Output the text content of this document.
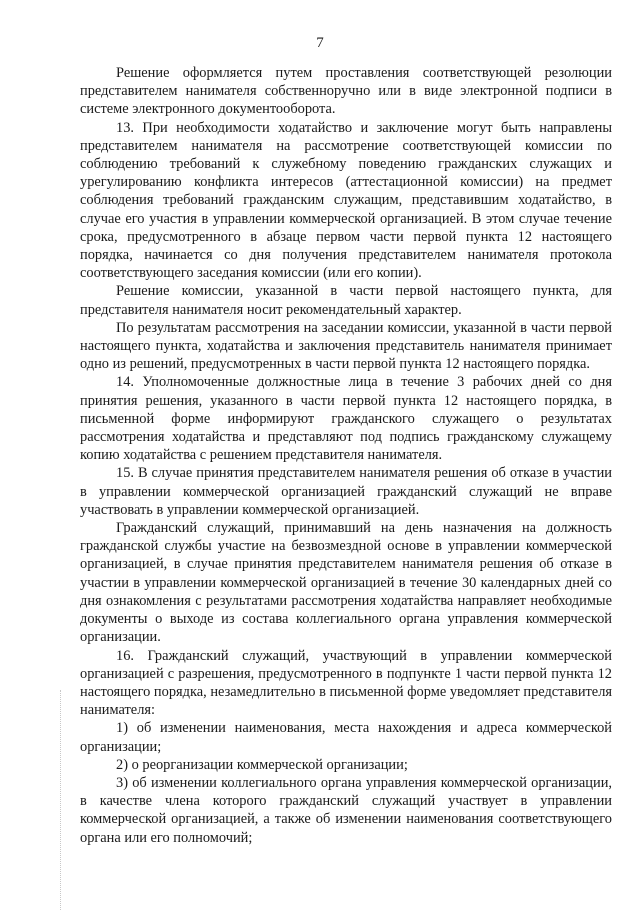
7

Решение оформляется путем проставления соответствующей резолюции представителем нанимателя собственноручно или в виде электронной подписи в системе электронного документооборота.

13. При необходимости ходатайство и заключение могут быть направлены представителем нанимателя на рассмотрение соответствующей комиссии по соблюдению требований к служебному поведению гражданских служащих и урегулированию конфликта интересов (аттестационной комиссии) на предмет соблюдения требований гражданским служащим, представившим ходатайство, в случае его участия в управлении коммерческой организацией. В этом случае течение срока, предусмотренного в абзаце первом части первой пункта 12 настоящего порядка, начинается со дня получения представителем нанимателя протокола соответствующего заседания комиссии (или его копии).

Решение комиссии, указанной в части первой настоящего пункта, для представителя нанимателя носит рекомендательный характер.

По результатам рассмотрения на заседании комиссии, указанной в части первой настоящего пункта, ходатайства и заключения представитель нанимателя принимает одно из решений, предусмотренных в части первой пункта 12 настоящего порядка.

14. Уполномоченные должностные лица в течение 3 рабочих дней со дня принятия решения, указанного в части первой пункта 12 настоящего порядка, в письменной форме информируют гражданского служащего о результатах рассмотрения ходатайства и представляют под подпись гражданскому служащему копию ходатайства с решением представителя нанимателя.

15. В случае принятия представителем нанимателя решения об отказе в участии в управлении коммерческой организацией гражданский служащий не вправе участвовать в управлении коммерческой организацией.

Гражданский служащий, принимавший на день назначения на должность гражданской службы участие на безвозмездной основе в управлении коммерческой организацией, в случае принятия представителем нанимателя решения об отказе в участии в управлении коммерческой организацией в течение 30 календарных дней со дня ознакомления с результатами рассмотрения ходатайства направляет необходимые документы о выходе из состава коллегиального органа управления коммерческой организации.

16. Гражданский служащий, участвующий в управлении коммерческой организацией с разрешения, предусмотренного в подпункте 1 части первой пункта 12 настоящего порядка, незамедлительно в письменной форме уведомляет представителя нанимателя:

1) об изменении наименования, места нахождения и адреса коммерческой организации;

2) о реорганизации коммерческой организации;

3) об изменении коллегиального органа управления коммерческой организации, в качестве члена которого гражданский служащий участвует в управлении коммерческой организацией, а также об изменении наименования соответствующего органа или его полномочий;
